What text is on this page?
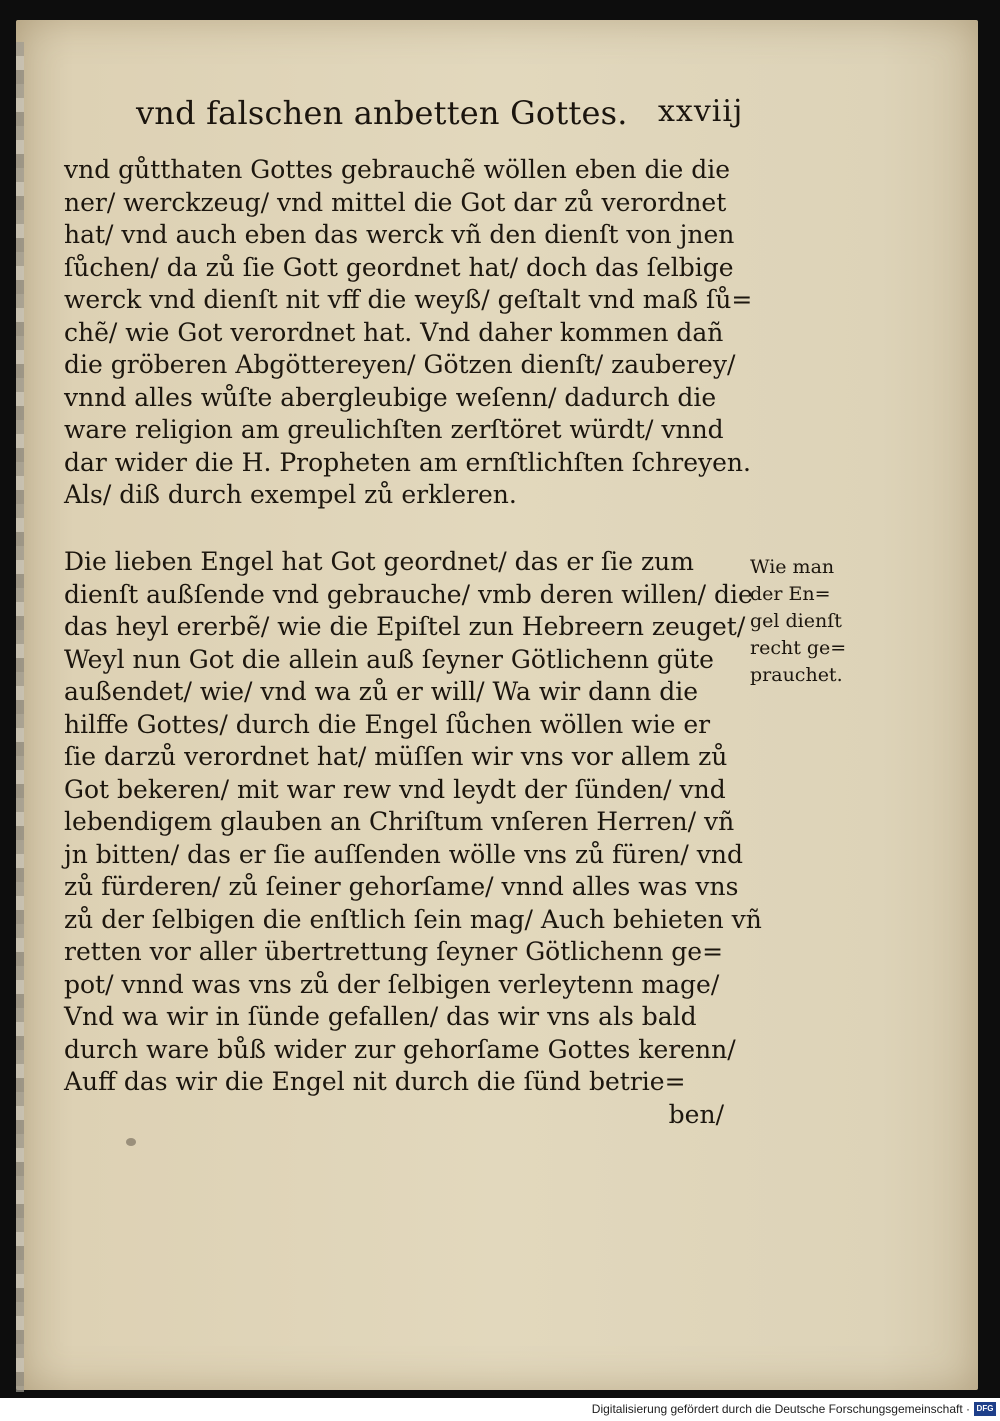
vnd falschen anbetten Gottes.	xxviij
vnd gůtthaten Gottes gebrauchẽ wöllen eben die die
ner/ werckzeug/ vnd mittel die Got dar zů verordnet
hat/ vnd auch eben das werck vñ den dienſt von jnen
ſůchen/ da zů ſie Gott geordnet hat/ doch das ſelbige
werck vnd dienſt nit vff die weyß/ geſtalt vnd maß ſů=
chẽ/ wie Got verordnet hat. Vnd daher kommen dañ
die gröberen Abgöttereyen/ Götzen dienſt/ zauberey/
vnnd alles wůſte abergleubige weſenn/ dadurch die
ware religion am greulichſten zerſtöret würdt/ vnnd
dar wider die H. Propheten am ernſtlichſten ſchreyen.
Als/ diß durch exempel zů erkleren.
Die lieben Engel hat Got geordnet/ das er ſie zum
dienſt außſende vnd gebrauche/ vmb deren willen/ die
das heyl ererbẽ/ wie die Epiſtel zun Hebreern zeuget/
Weyl nun Got die allein auß ſeyner Götlichenn güte
außendet/ wie/ vnd wa zů er will/ Wa wir dann die
hilffe Gottes/ durch die Engel ſůchen wöllen wie er
ſie darzů verordnet hat/ müſſen wir vns vor allem zů
Got bekeren/ mit war rew vnd leydt der ſünden/ vnd
lebendigem glauben an Chriſtum vnſeren Herren/ vñ
jn bitten/ das er ſie auſſenden wölle vns zů füren/ vnd
zů fürderen/ zů ſeiner gehorſame/ vnnd alles was vns
zů der ſelbigen die enſtlich ſein mag/ Auch behieten vñ
retten vor aller übertrettung ſeyner Götlichenn ge=
pot/ vnnd was vns zů der ſelbigen verleytenn mage/
Vnd wa wir in ſünde gefallen/ das wir vns als bald
durch ware bůß wider zur gehorſame Gottes kerenn/
Auff das wir die Engel nit durch die ſünd betrie=
ben/
Wie man
der En=
gel dienſt
recht ge=
prauchet.
Digitalisierung gefördert durch die Deutsche Forschungsgemeinschaft · DFG
